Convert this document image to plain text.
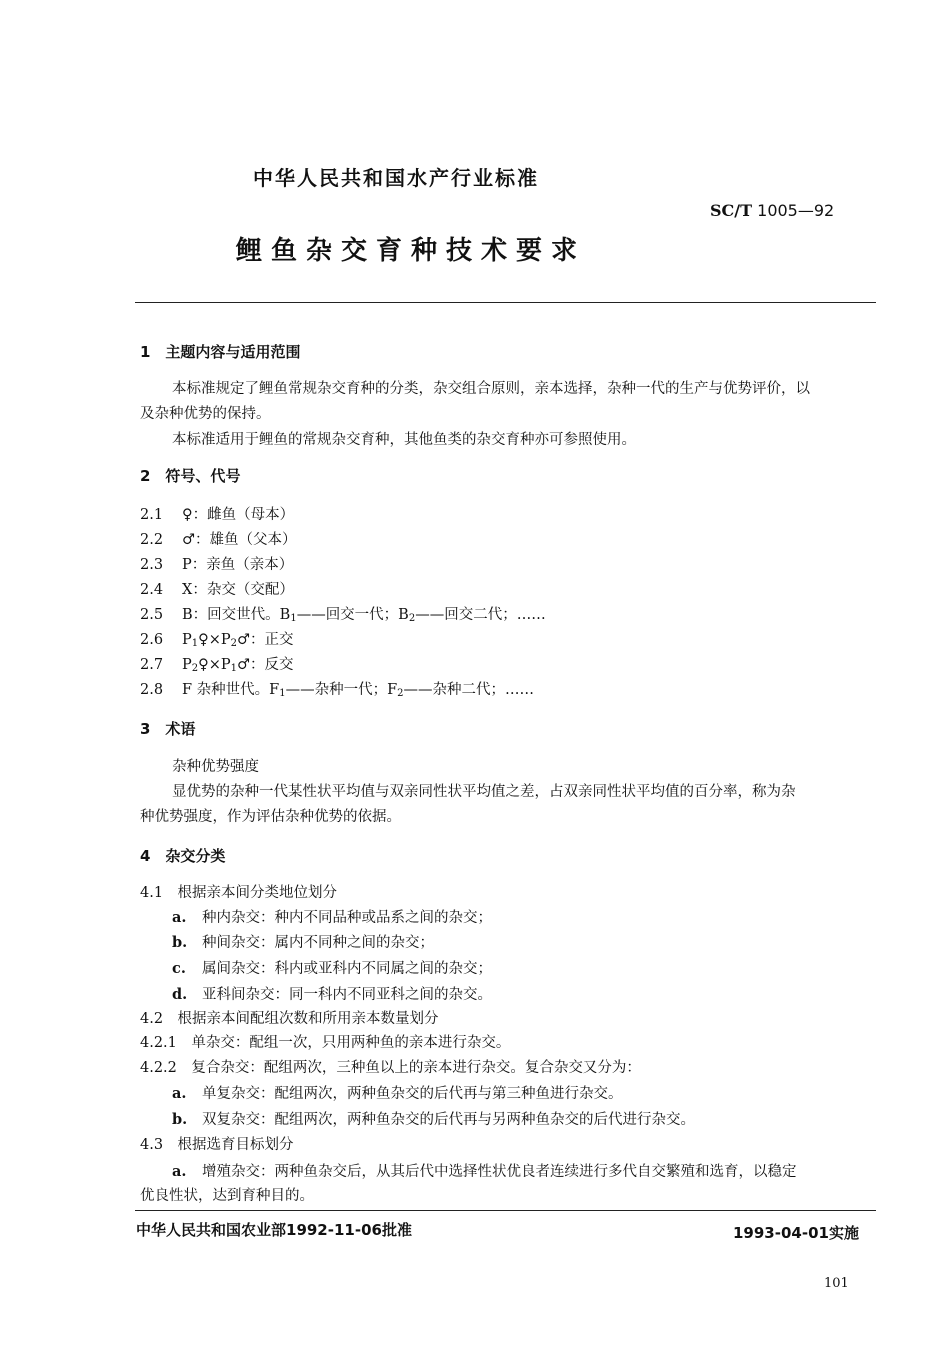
中华人民共和国水产行业标准
SC/T 1005—92
鲤鱼杂交育种技术要求
1　主题内容与适用范围
本标准规定了鲤鱼常规杂交育种的分类，杂交组合原则，亲本选择，杂种一代的生产与优势评价，以
及杂种优势的保持。
本标准适用于鲤鱼的常规杂交育种，其他鱼类的杂交育种亦可参照使用。
2　符号、代号
2.1 ♀：雌鱼（母本）
2.2 ♂：雄鱼（父本）
2.3 P：亲鱼（亲本）
2.4 X：杂交（交配）
2.5 B：回交世代。$B_1——$回交一代；$B_2——$回交二代；……
2.6 $P_1♀\times P_2♂$：正交
2.7 $P_2♀\times P_1♂$：反交
2.8 F 杂种世代。$F_1——$杂种一代；$F_2——$杂种二代；……
3　术语
杂种优势强度
显优势的杂种一代某性状平均值与双亲同性状平均值之差，占双亲同性状平均值的百分率，称为杂
种优势强度，作为评估杂种优势的依据。
4　杂交分类
4.1　根据亲本间分类地位划分
a. 种内杂交：种内不同品种或品系之间的杂交；
b. 种间杂交：属内不同种之间的杂交；
c. 属间杂交：科内或亚科内不同属之间的杂交；
d. 亚科间杂交：同一科内不同亚科之间的杂交。
4.2　根据亲本间配组次数和所用亲本数量划分
4.2.1　单杂交：配组一次，只用两种鱼的亲本进行杂交。
4.2.2　复合杂交：配组两次，三种鱼以上的亲本进行杂交。复合杂交又分为：
a. 单复杂交：配组两次，两种鱼杂交的后代再与第三种鱼进行杂交。
b. 双复杂交：配组两次，两种鱼杂交的后代再与另两种鱼杂交的后代进行杂交。
4.3　根据选育目标划分
a. 增殖杂交：两种鱼杂交后，从其后代中选择性状优良者连续进行多代自交繁殖和选育，以稳定
优良性状，达到育种目的。
中华人民共和国农业部1992-11-06批准	1993-04-01实施
101
